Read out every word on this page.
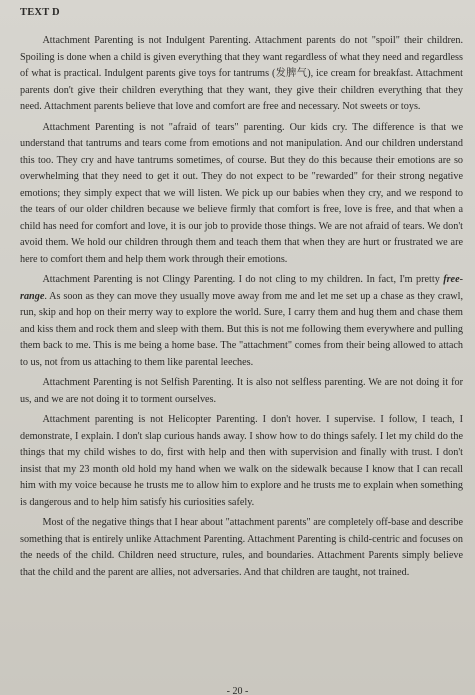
TEXT D

Attachment Parenting is not Indulgent Parenting. Attachment parents do not "spoil" their children. Spoiling is done when a child is given everything that they want regardless of what they need and regardless of what is practical. Indulgent parents give toys for tantrums (发脾气), ice cream for breakfast. Attachment parents don't give their children everything that they want, they give their children everything that they need. Attachment parents believe that love and comfort are free and necessary. Not sweets or toys.

Attachment Parenting is not "afraid of tears" parenting. Our kids cry. The difference is that we understand that tantrums and tears come from emotions and not manipulation. And our children understand this too. They cry and have tantrums sometimes, of course. But they do this because their emotions are so overwhelming that they need to get it out. They do not expect to be "rewarded" for their strong negative emotions; they simply expect that we will listen. We pick up our babies when they cry, and we respond to the tears of our older children because we believe firmly that comfort is free, love is free, and that when a child has need for comfort and love, it is our job to provide those things. We are not afraid of tears. We don't avoid them. We hold our children through them and teach them that when they are hurt or frustrated we are here to comfort them and help them work through their emotions.

Attachment Parenting is not Clingy Parenting. I do not cling to my children. In fact, I'm pretty free-range. As soon as they can move they usually move away from me and let me set up a chase as they crawl, run, skip and hop on their merry way to explore the world. Sure, I carry them and hug them and chase them and kiss them and rock them and sleep with them. But this is not me following them everywhere and pulling them back to me. This is me being a home base. The "attachment" comes from their being allowed to attach to us, not from us attaching to them like parental leeches.

Attachment Parenting is not Selfish Parenting. It is also not selfless parenting. We are not doing it for us, and we are not doing it to torment ourselves.

Attachment parenting is not Helicopter Parenting. I don't hover. I supervise. I follow, I teach, I demonstrate, I explain. I don't slap curious hands away. I show how to do things safely. I let my child do the things that my child wishes to do, first with help and then with supervision and finally with trust. I don't insist that my 23 month old hold my hand when we walk on the sidewalk because I know that I can recall him with my voice because he trusts me to allow him to explore and he trusts me to explain when something is dangerous and to help him satisfy his curiosities safely.

Most of the negative things that I hear about "attachment parents" are completely off-base and describe something that is entirely unlike Attachment Parenting. Attachment Parenting is child-centric and focuses on the needs of the child. Children need structure, rules, and boundaries. Attachment Parents simply believe that the child and the parent are allies, not adversaries. And that children are taught, not trained.

- 20 -
